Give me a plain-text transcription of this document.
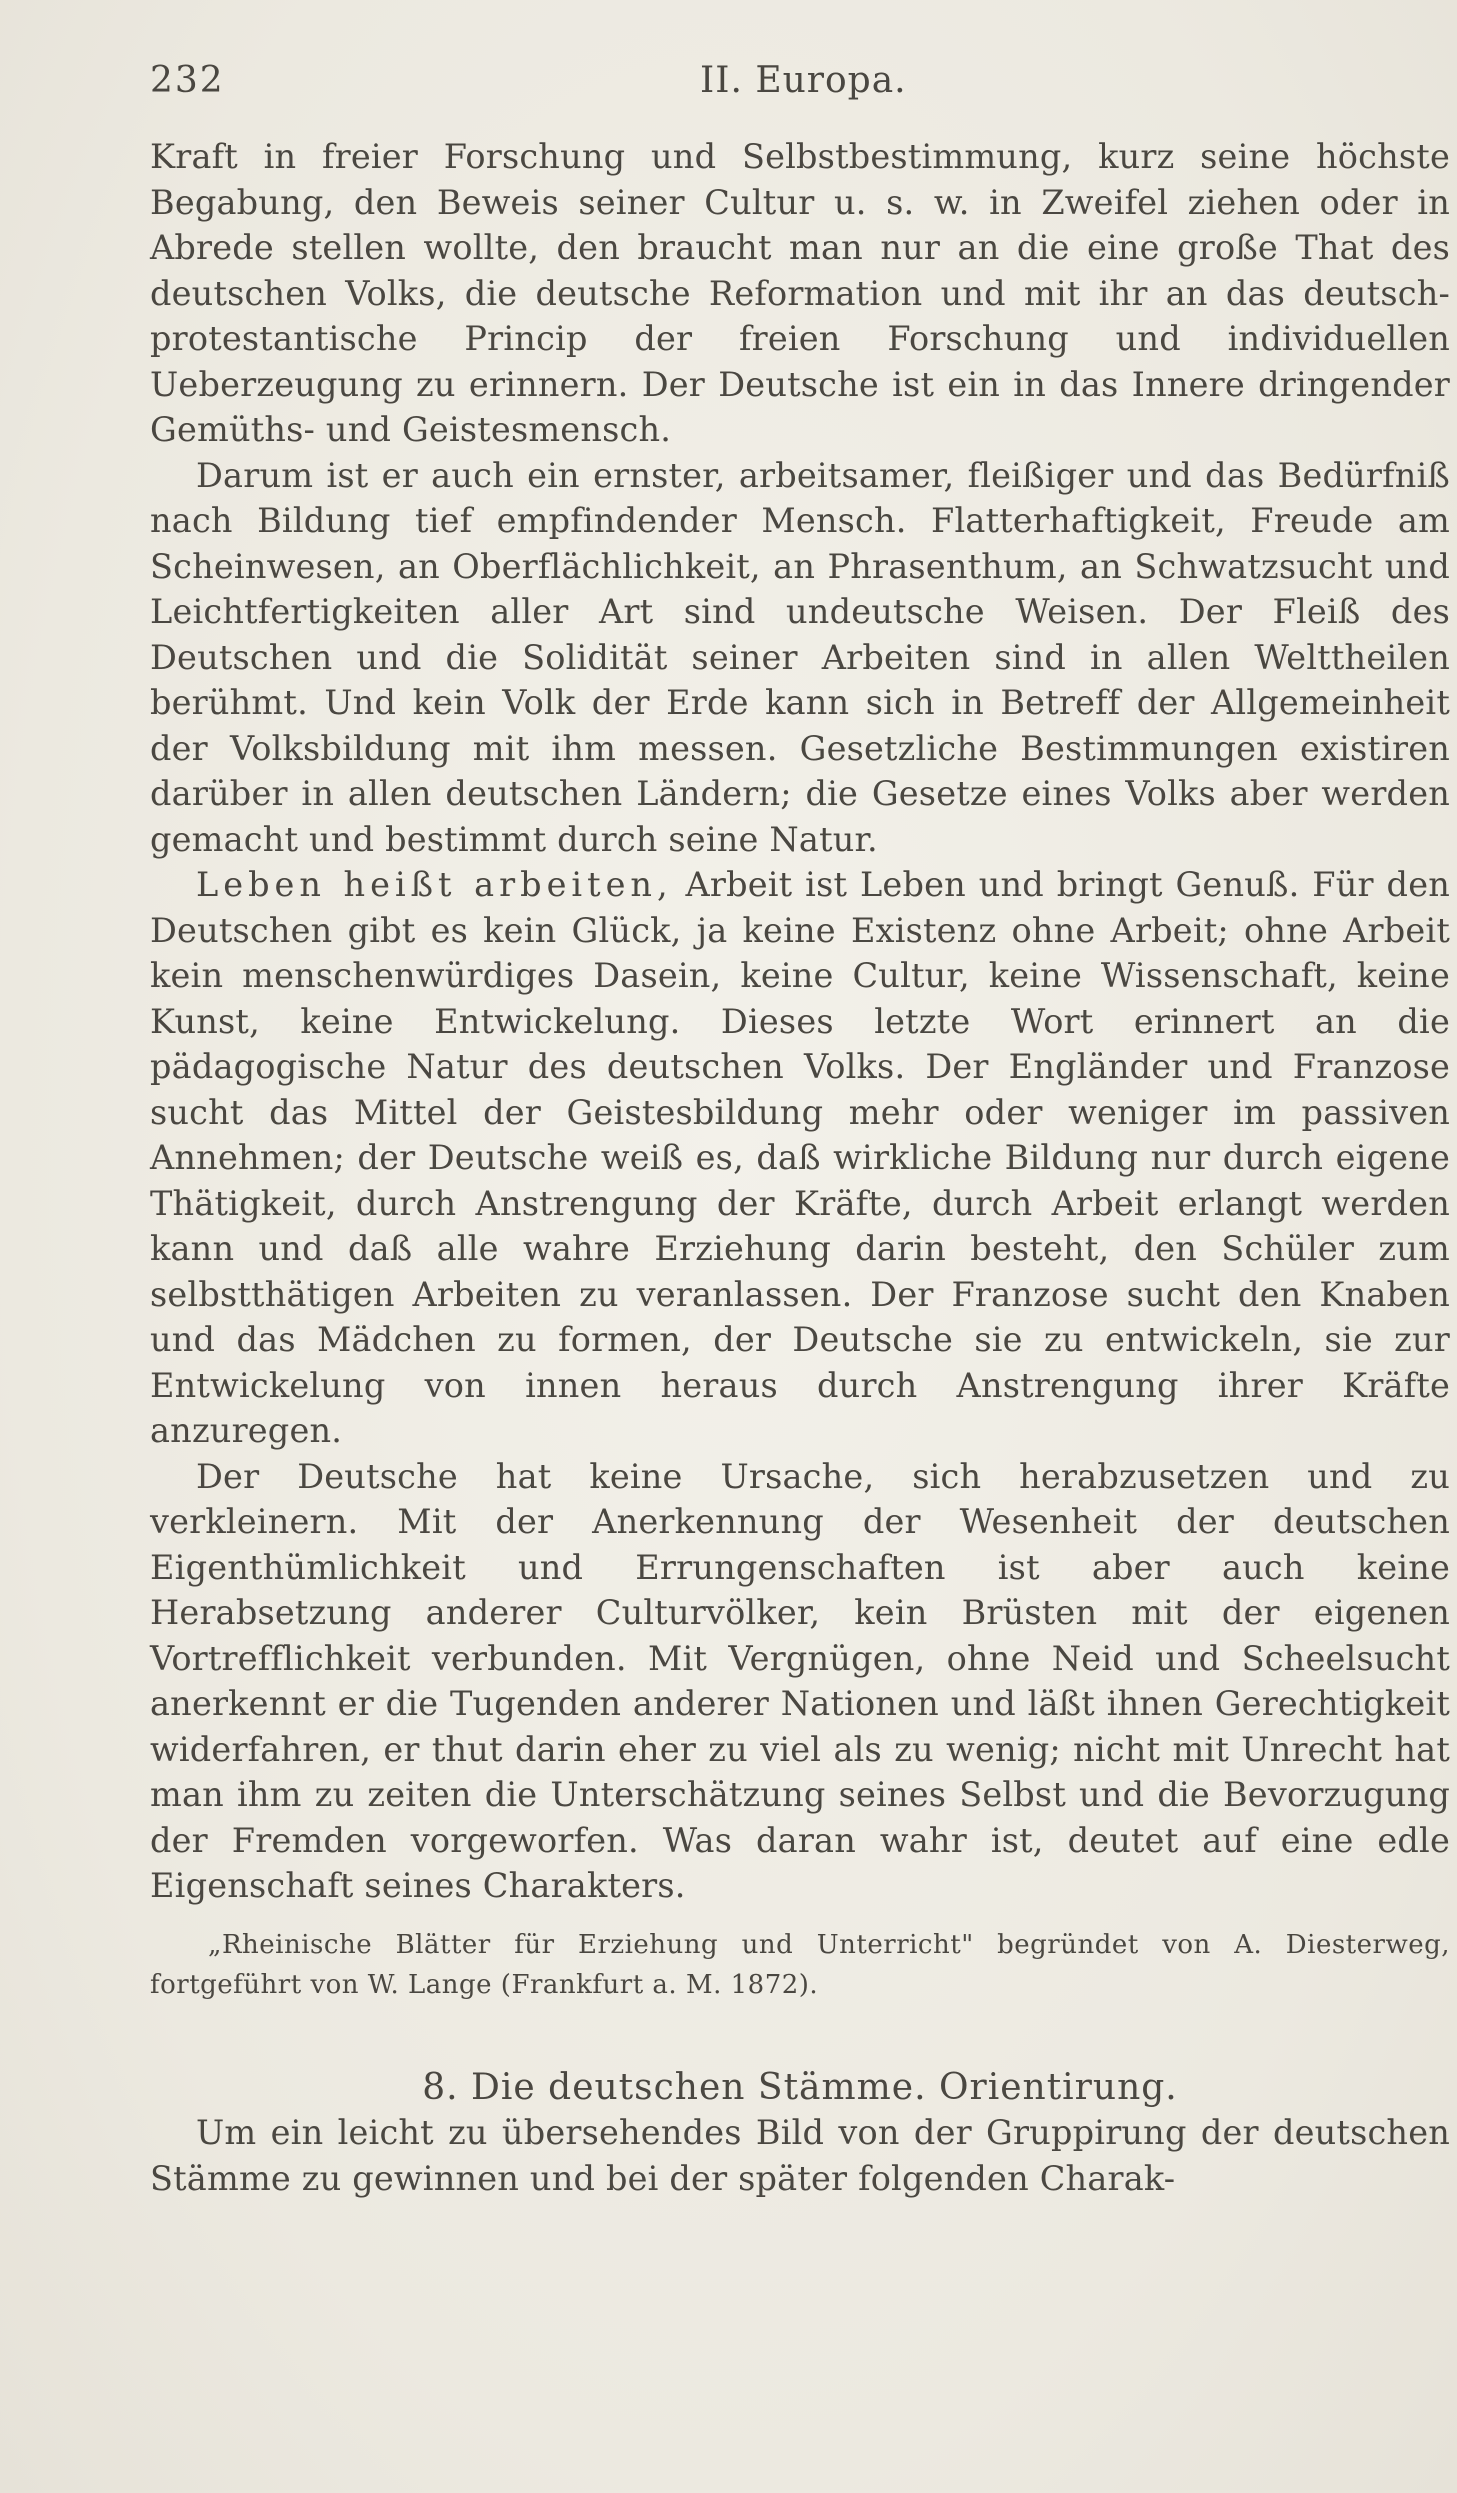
232	II. Europa.

Kraft in freier Forschung und Selbstbestimmung, kurz seine höchste Begabung, den Beweis seiner Cultur u. s. w. in Zweifel ziehen oder in Abrede stellen wollte, den braucht man nur an die eine große That des deutschen Volks, die deutsche Reformation und mit ihr an das deutsch-protestantische Princip der freien Forschung und individuellen Ueberzeugung zu erinnern. Der Deutsche ist ein in das Innere dringender Gemüths- und Geistesmensch.

Darum ist er auch ein ernster, arbeitsamer, fleißiger und das Bedürfniß nach Bildung tief empfindender Mensch. Flatterhaftigkeit, Freude am Scheinwesen, an Oberflächlichkeit, an Phrasenthum, an Schwatzsucht und Leichtfertigkeiten aller Art sind undeutsche Weisen. Der Fleiß des Deutschen und die Solidität seiner Arbeiten sind in allen Welttheilen berühmt. Und kein Volk der Erde kann sich in Betreff der Allgemeinheit der Volksbildung mit ihm messen. Gesetzliche Bestimmungen existiren darüber in allen deutschen Ländern; die Gesetze eines Volks aber werden gemacht und bestimmt durch seine Natur.

Leben heißt arbeiten, Arbeit ist Leben und bringt Genuß. Für den Deutschen gibt es kein Glück, ja keine Existenz ohne Arbeit; ohne Arbeit kein menschenwürdiges Dasein, keine Cultur, keine Wissenschaft, keine Kunst, keine Entwickelung. Dieses letzte Wort erinnert an die pädagogische Natur des deutschen Volks. Der Engländer und Franzose sucht das Mittel der Geistesbildung mehr oder weniger im passiven Annehmen; der Deutsche weiß es, daß wirkliche Bildung nur durch eigene Thätigkeit, durch Anstrengung der Kräfte, durch Arbeit erlangt werden kann und daß alle wahre Erziehung darin besteht, den Schüler zum selbstthätigen Arbeiten zu veranlassen. Der Franzose sucht den Knaben und das Mädchen zu formen, der Deutsche sie zu entwickeln, sie zur Entwickelung von innen heraus durch Anstrengung ihrer Kräfte anzuregen.

Der Deutsche hat keine Ursache, sich herabzusetzen und zu verkleinern. Mit der Anerkennung der Wesenheit der deutschen Eigenthümlichkeit und Errungenschaften ist aber auch keine Herabsetzung anderer Culturvölker, kein Brüsten mit der eigenen Vortrefflichkeit verbunden. Mit Vergnügen, ohne Neid und Scheelsucht anerkennt er die Tugenden anderer Nationen und läßt ihnen Gerechtigkeit widerfahren, er thut darin eher zu viel als zu wenig; nicht mit Unrecht hat man ihm zu zeiten die Unterschätzung seines Selbst und die Bevorzugung der Fremden vorgeworfen. Was daran wahr ist, deutet auf eine edle Eigenschaft seines Charakters.

„Rheinische Blätter für Erziehung und Unterricht" begründet von A. Diesterweg, fortgeführt von W. Lange (Frankfurt a. M. 1872).
8. Die deutschen Stämme. Orientirung.

Um ein leicht zu übersehendes Bild von der Gruppirung der deutschen Stämme zu gewinnen und bei der später folgenden Charak-
